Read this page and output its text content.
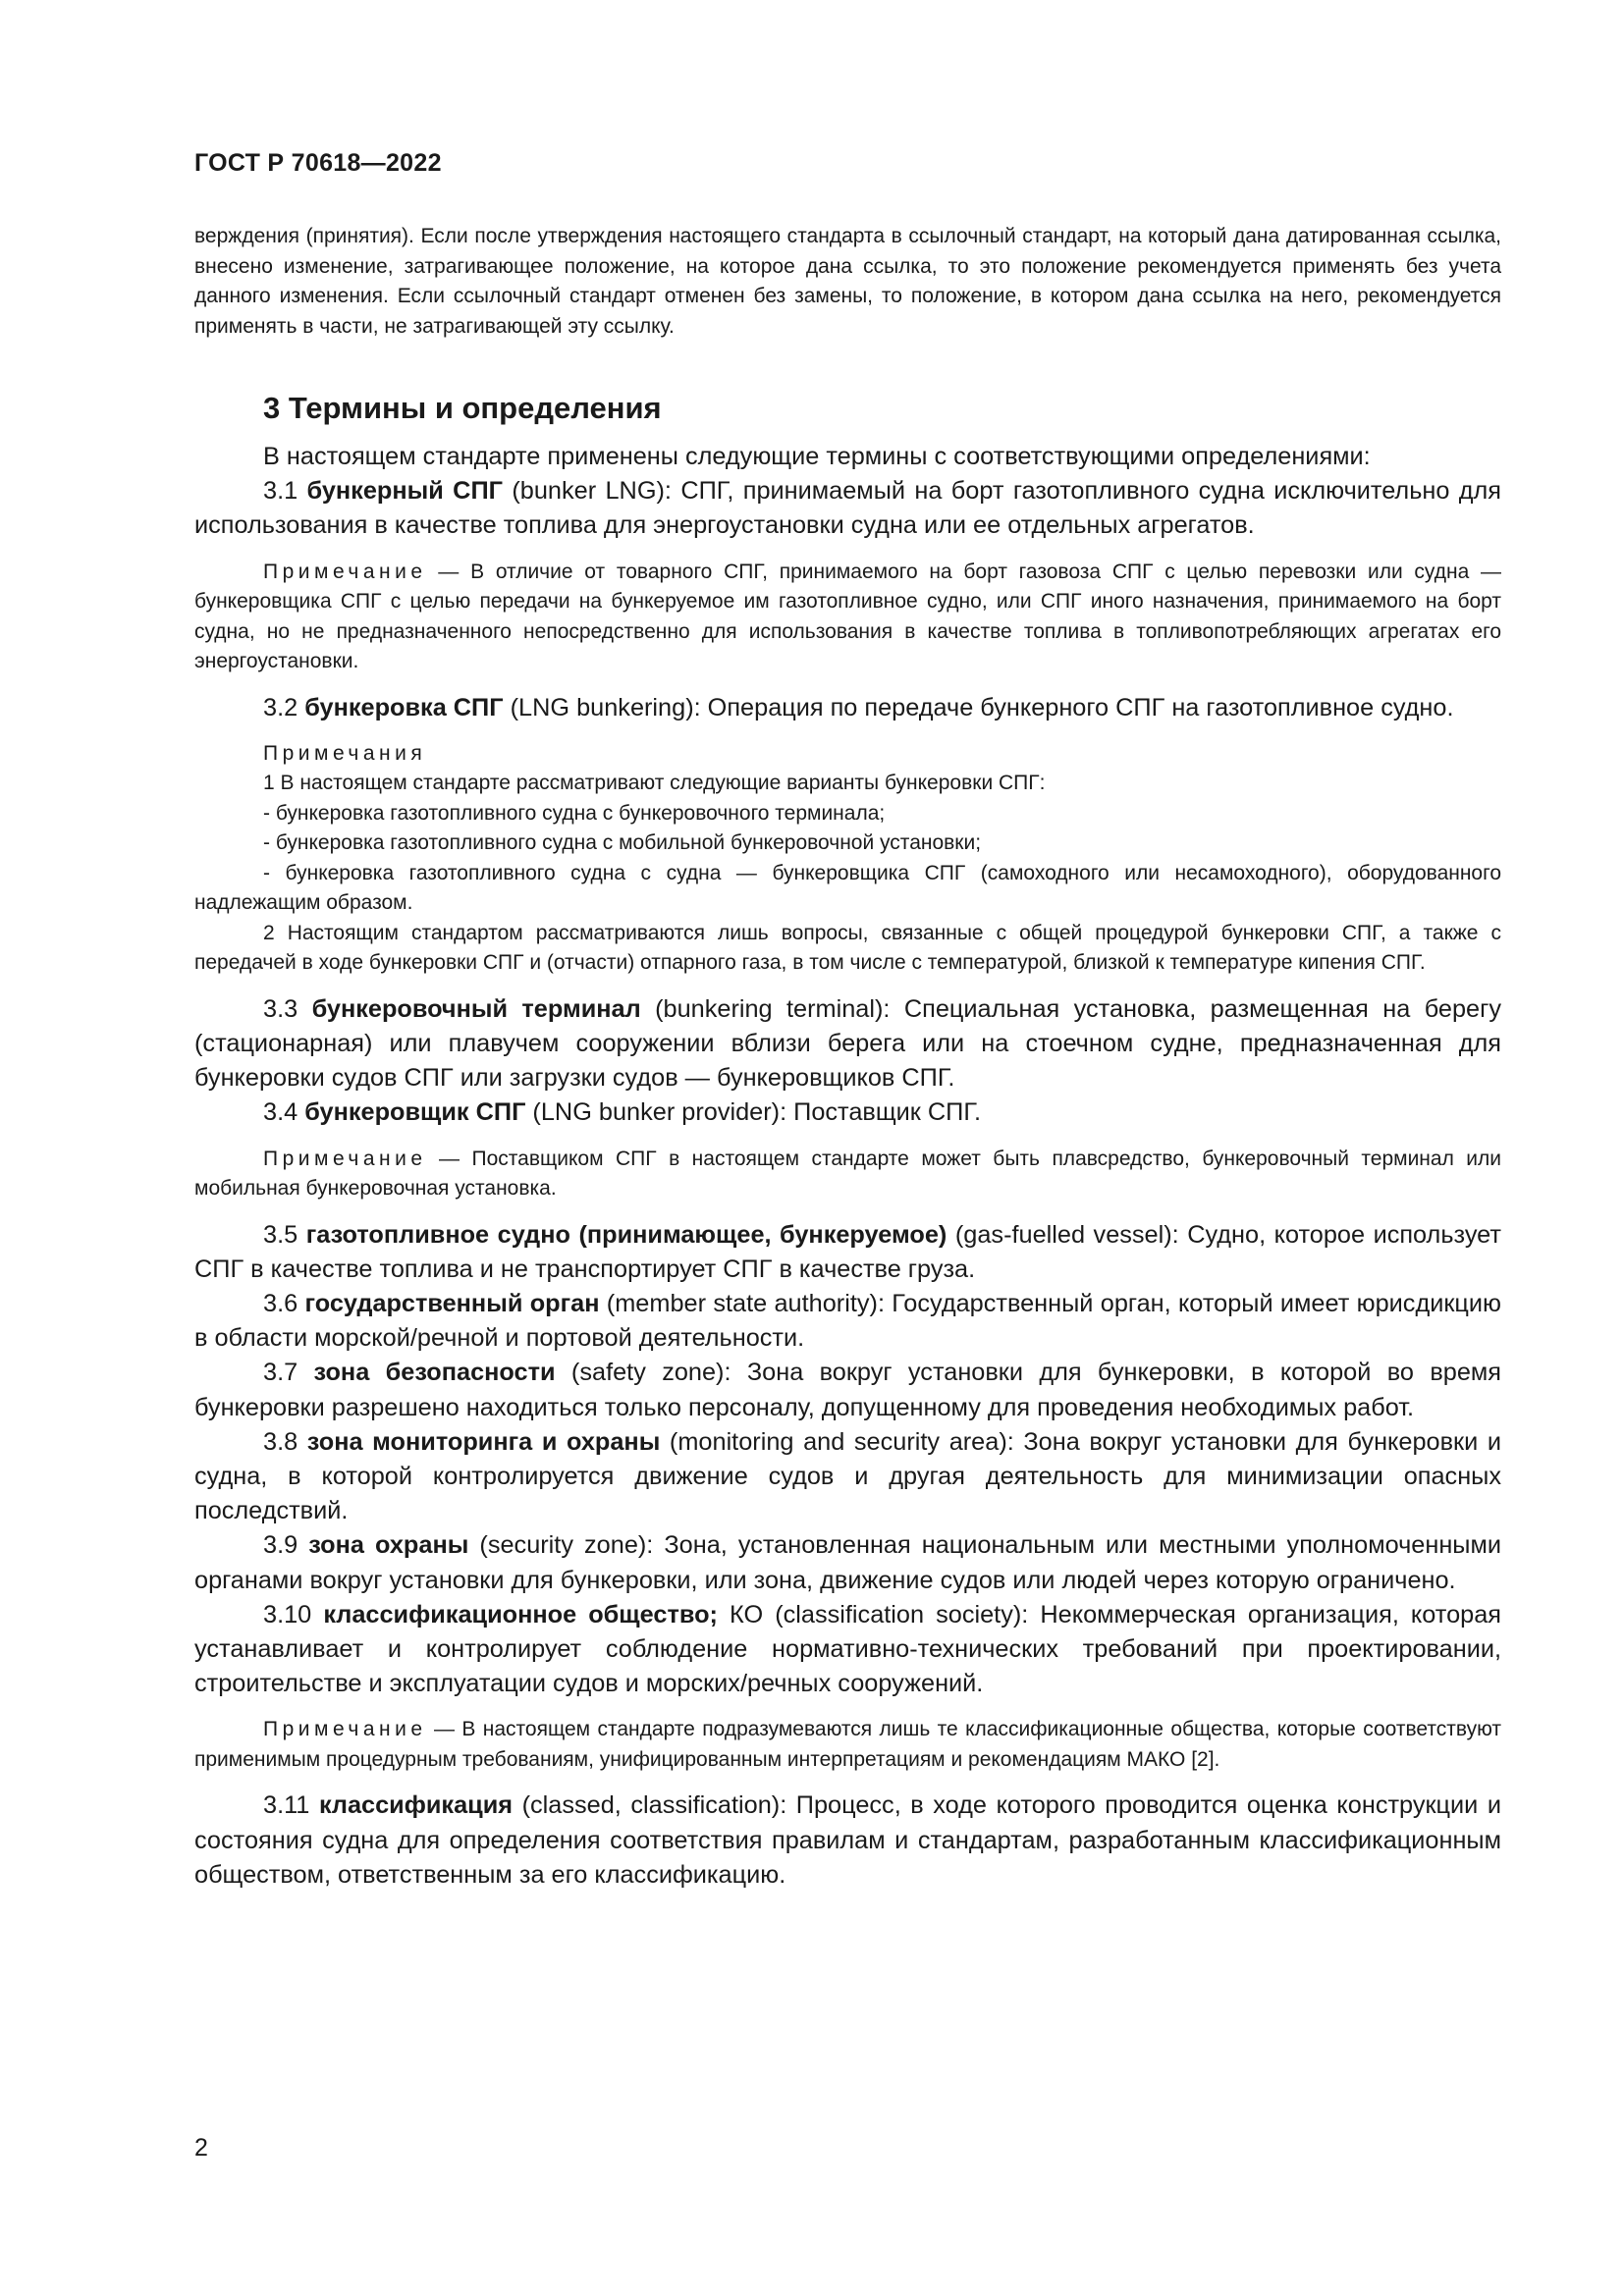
ГОСТ Р 70618—2022

верждения (принятия). Если после утверждения настоящего стандарта в ссылочный стандарт, на который дана датированная ссылка, внесено изменение, затрагивающее положение, на которое дана ссылка, то это положение рекомендуется применять без учета данного изменения. Если ссылочный стандарт отменен без замены, то положение, в котором дана ссылка на него, рекомендуется применять в части, не затрагивающей эту ссылку.

3 Термины и определения

В настоящем стандарте применены следующие термины с соответствующими определениями:

3.1 бункерный СПГ (bunker LNG): СПГ, принимаемый на борт газотопливного судна исключительно для использования в качестве топлива для энергоустановки судна или ее отдельных агрегатов.

Примечание — В отличие от товарного СПГ, принимаемого на борт газовоза СПГ с целью перевозки или судна — бункеровщика СПГ с целью передачи на бункеруемое им газотопливное судно, или СПГ иного назначения, принимаемого на борт судна, но не предназначенного непосредственно для использования в качестве топлива в топливопотребляющих агрегатах его энергоустановки.

3.2 бункеровка СПГ (LNG bunkering): Операция по передаче бункерного СПГ на газотопливное судно.

Примечания

1 В настоящем стандарте рассматривают следующие варианты бункеровки СПГ:

- бункеровка газотопливного судна с бункеровочного терминала;

- бункеровка газотопливного судна с мобильной бункеровочной установки;

- бункеровка газотопливного судна с судна — бункеровщика СПГ (самоходного или несамоходного), оборудованного надлежащим образом.

2 Настоящим стандартом рассматриваются лишь вопросы, связанные с общей процедурой бункеровки СПГ, а также с передачей в ходе бункеровки СПГ и (отчасти) отпарного газа, в том числе с температурой, близкой к температуре кипения СПГ.

3.3 бункеровочный терминал (bunkering terminal): Специальная установка, размещенная на берегу (стационарная) или плавучем сооружении вблизи берега или на стоечном судне, предназначенная для бункеровки судов СПГ или загрузки судов — бункеровщиков СПГ.

3.4 бункеровщик СПГ (LNG bunker provider): Поставщик СПГ.

Примечание — Поставщиком СПГ в настоящем стандарте может быть плавсредство, бункеровочный терминал или мобильная бункеровочная установка.

3.5 газотопливное судно (принимающее, бункеруемое) (gas-fuelled vessel): Судно, которое использует СПГ в качестве топлива и не транспортирует СПГ в качестве груза.

3.6 государственный орган (member state authority): Государственный орган, который имеет юрисдикцию в области морской/речной и портовой деятельности.

3.7 зона безопасности (safety zone): Зона вокруг установки для бункеровки, в которой во время бункеровки разрешено находиться только персоналу, допущенному для проведения необходимых работ.

3.8 зона мониторинга и охраны (monitoring and security area): Зона вокруг установки для бункеровки и судна, в которой контролируется движение судов и другая деятельность для минимизации опасных последствий.

3.9 зона охраны (security zone): Зона, установленная национальным или местными уполномоченными органами вокруг установки для бункеровки, или зона, движение судов или людей через которую ограничено.

3.10 классификационное общество; КО (classification society): Некоммерческая организация, которая устанавливает и контролирует соблюдение нормативно-технических требований при проектировании, строительстве и эксплуатации судов и морских/речных сооружений.

Примечание — В настоящем стандарте подразумеваются лишь те классификационные общества, которые соответствуют применимым процедурным требованиям, унифицированным интерпретациям и рекомендациям МАКО [2].

3.11 классификация (classed, classification): Процесс, в ходе которого проводится оценка конструкции и состояния судна для определения соответствия правилам и стандартам, разработанным классификационным обществом, ответственным за его классификацию.

2
